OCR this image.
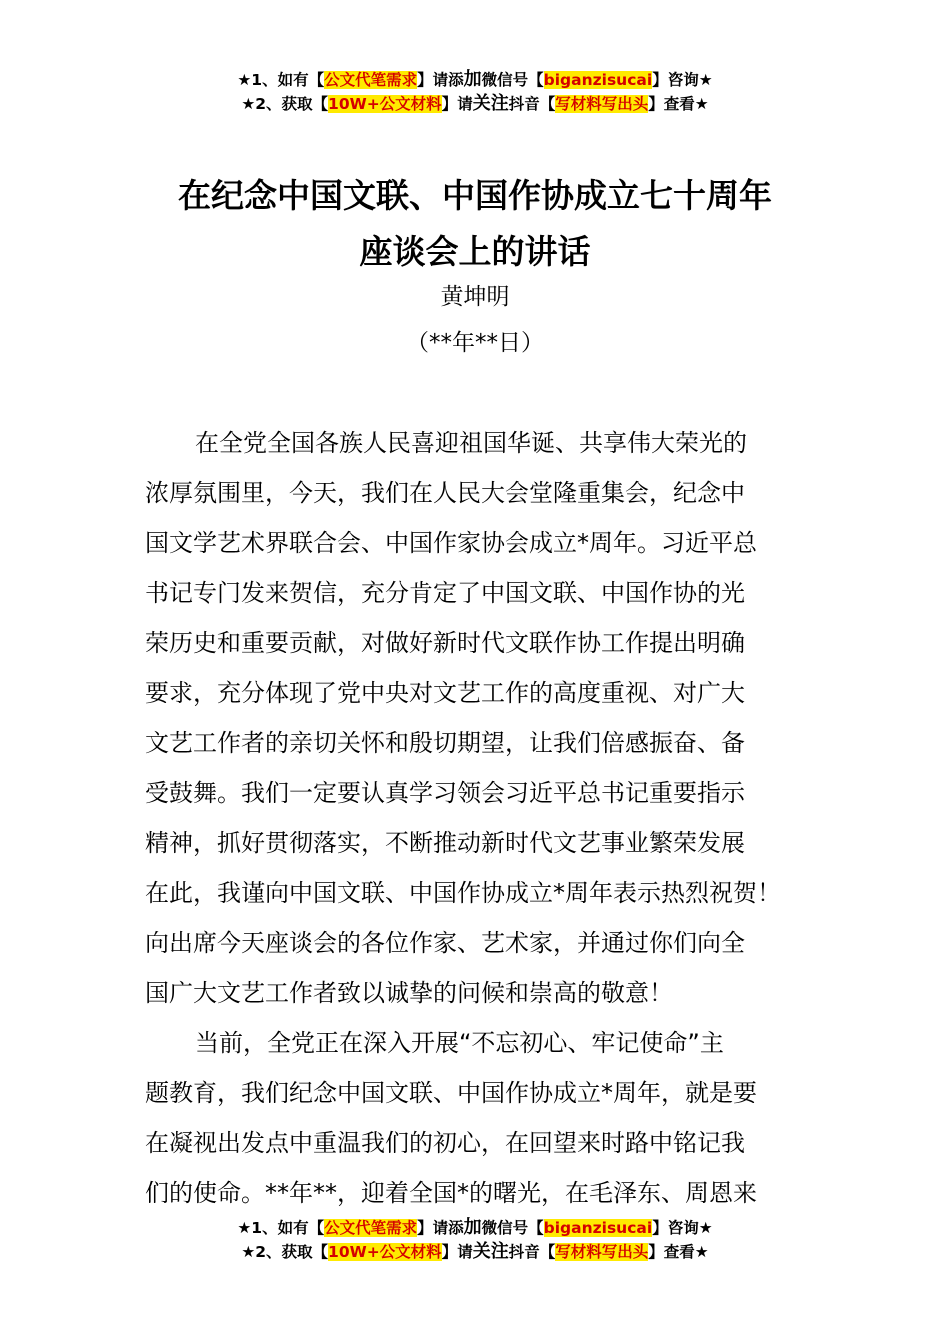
★1、如有【公文代笔需求】请添加微信号【biganzisucai】咨询★
★2、获取【10W+公文材料】请关注抖音【写材料写出头】查看★
在纪念中国文联、中国作协成立七十周年
座谈会上的讲话
黄坤明
（**年**日）
在全党全国各族人民喜迎祖国华诞、共享伟大荣光的
浓厚氛围里，今天，我们在人民大会堂隆重集会，纪念中
国文学艺术界联合会、中国作家协会成立*周年。习近平总
书记专门发来贺信，充分肯定了中国文联、中国作协的光
荣历史和重要贡献，对做好新时代文联作协工作提出明确
要求，充分体现了党中央对文艺工作的高度重视、对广大
文艺工作者的亲切关怀和殷切期望，让我们倍感振奋、备
受鼓舞。我们一定要认真学习领会习近平总书记重要指示
精神，抓好贯彻落实，不断推动新时代文艺事业繁荣发展
在此，我谨向中国文联、中国作协成立*周年表示热烈祝贺！
向出席今天座谈会的各位作家、艺术家，并通过你们向全
国广大文艺工作者致以诚挚的问候和崇高的敬意！
当前，全党正在深入开展“不忘初心、牢记使命”主
题教育，我们纪念中国文联、中国作协成立*周年，就是要
在凝视出发点中重温我们的初心，在回望来时路中铭记我
们的使命。**年**，迎着全国*的曙光，在毛泽东、周恩来
★1、如有【公文代笔需求】请添加微信号【biganzisucai】咨询★
★2、获取【10W+公文材料】请关注抖音【写材料写出头】查看★
